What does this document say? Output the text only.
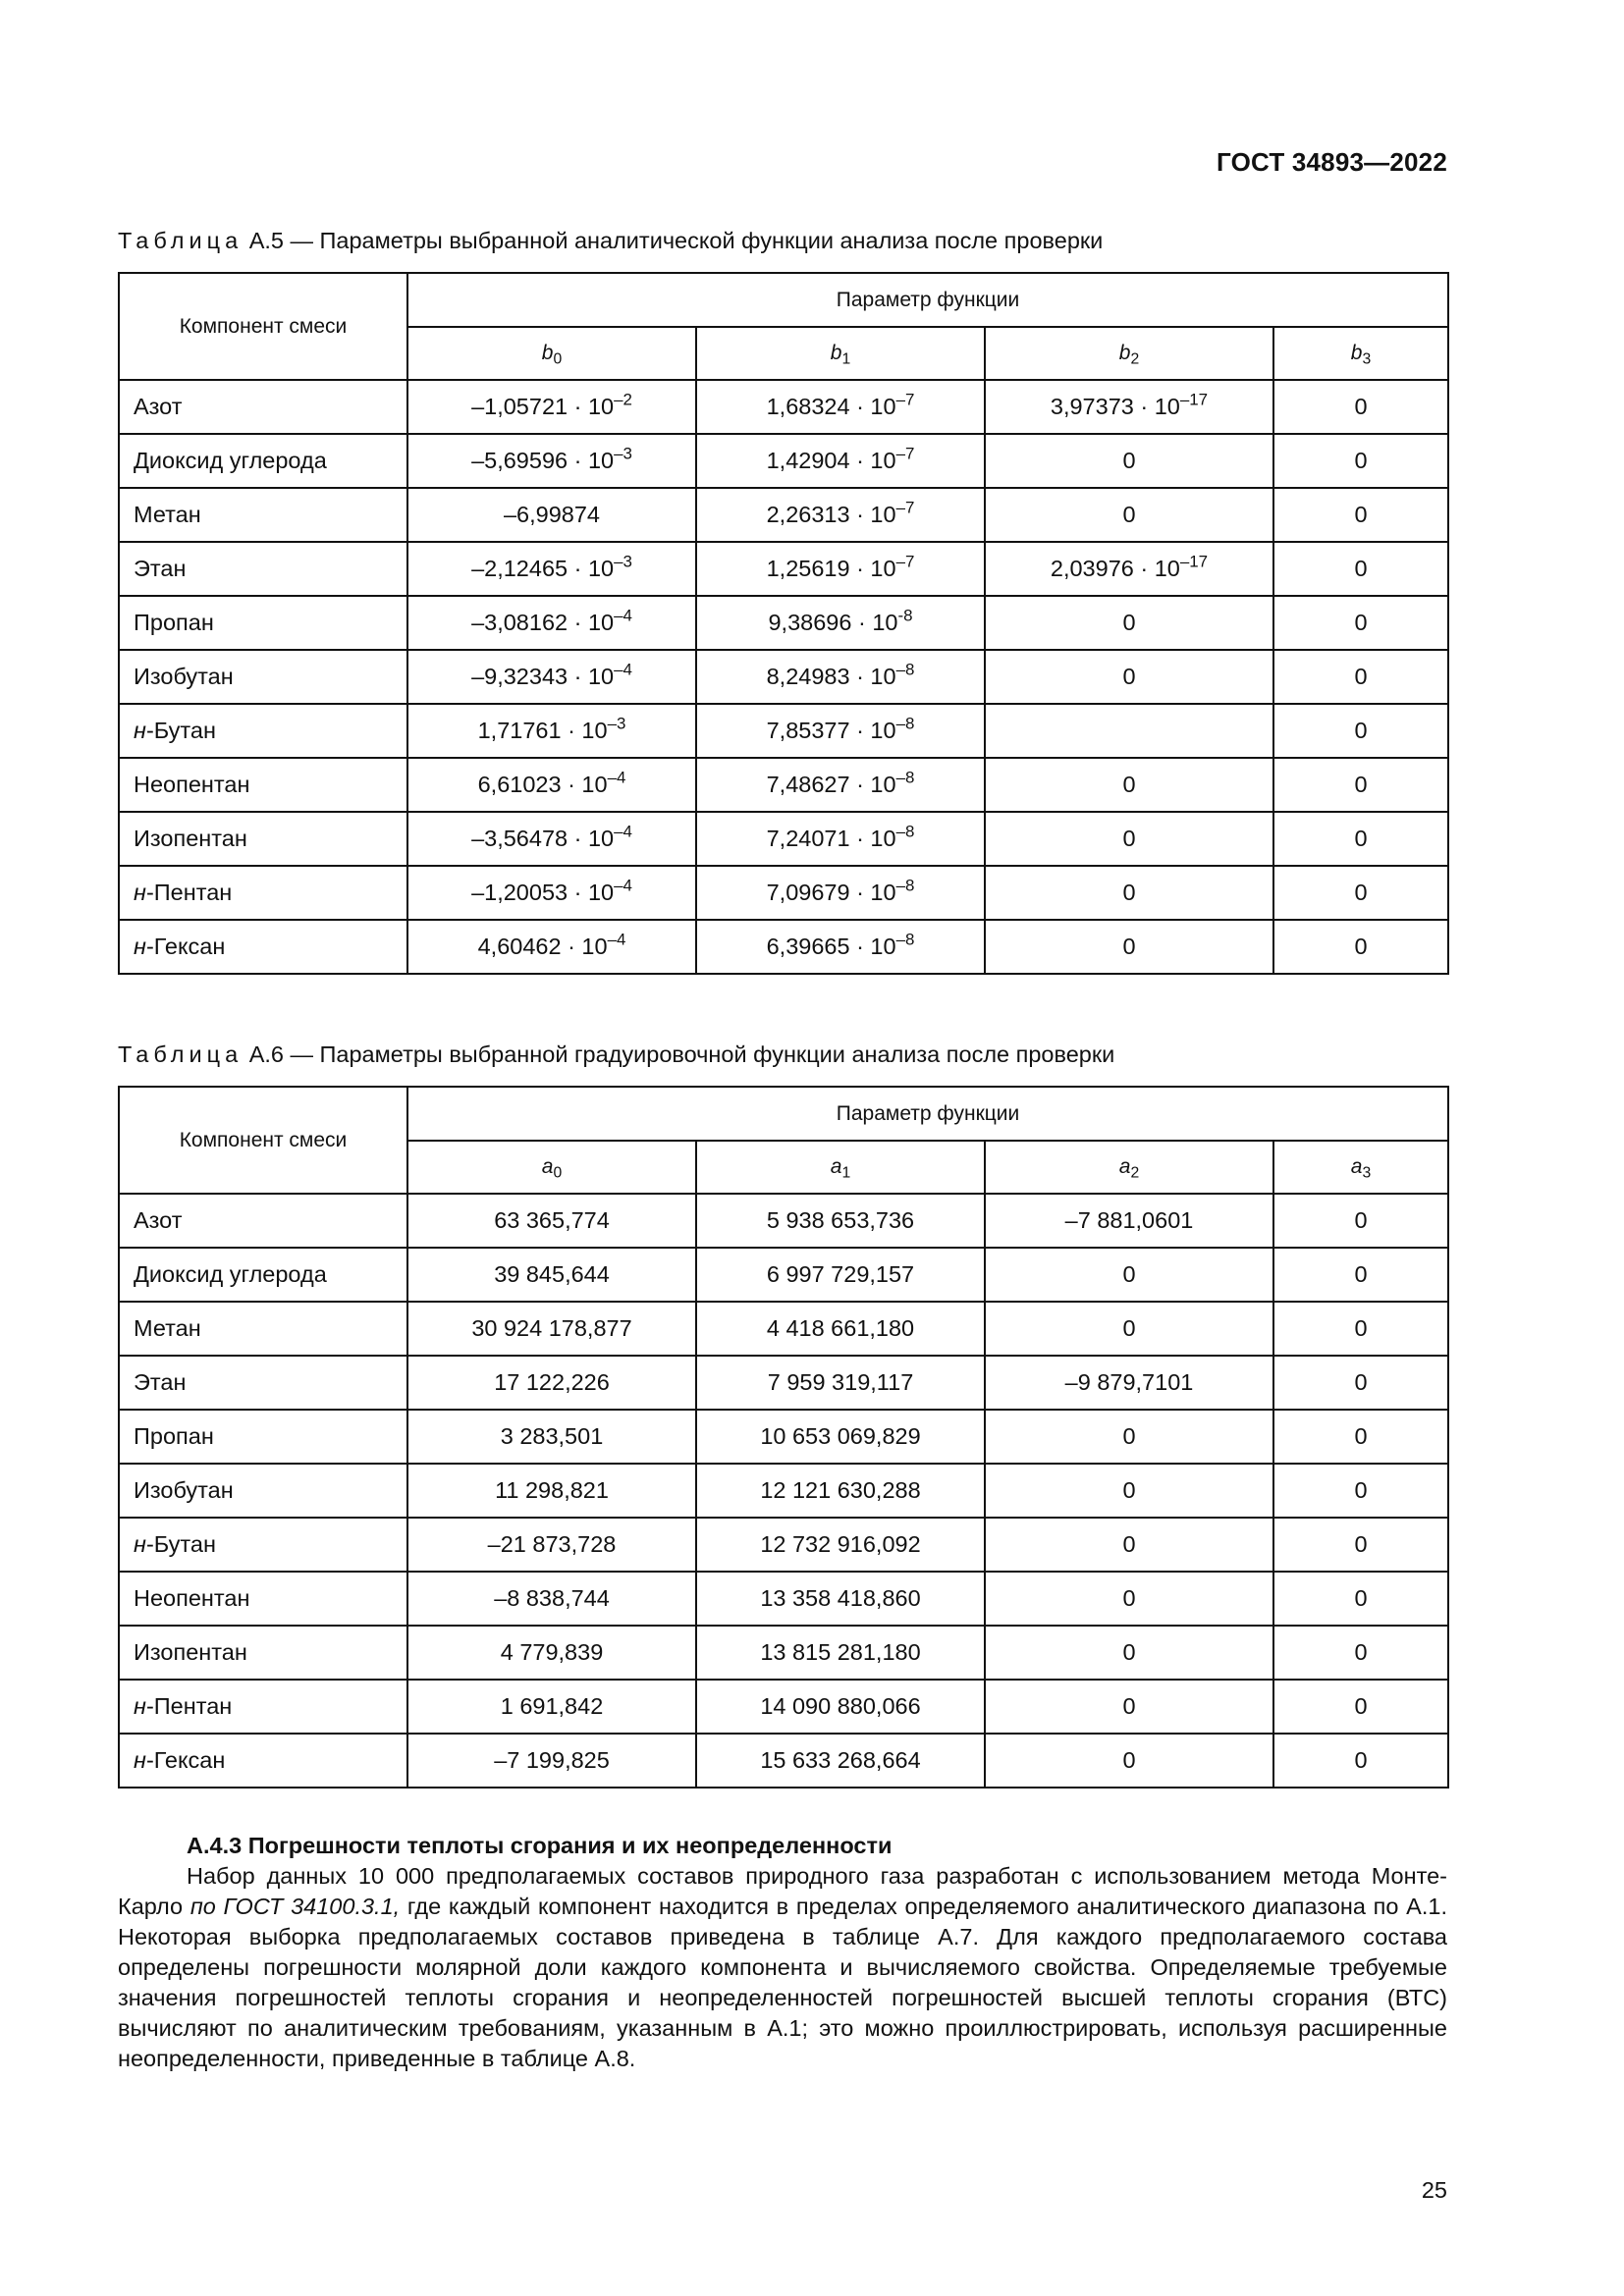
ГОСТ 34893—2022
Таблица А.5 — Параметры выбранной аналитической функции анализа после проверки
Компонент смеси	Параметр функции			
	$b_0$	$b_1$	$b_2$	$b_3$
Азот	$-1,05721 \cdot 10^{-2}$	$1,68324 \cdot 10^{-7}$	$3,97373 \cdot 10^{-17}$	0
Диоксид углерода	$-5,69596 \cdot 10^{-3}$	$1,42904 \cdot 10^{-7}$	0	0
Метан	–6,99874	$2,26313 \cdot 10^{-7}$	0	0
Этан	$-2,12465 \cdot 10^{-3}$	$1,25619 \cdot 10^{-7}$	$2,03976 \cdot 10^{-17}$	0
Пропан	$-3,08162 \cdot 10^{-4}$	$9,38696 \cdot 10^{-8}$	0	0
Изобутан	$-9,32343 \cdot 10^{-4}$	$8,24983 \cdot 10^{-8}$	0	0
н-Бутан	$1,71761 \cdot 10^{-3}$	$7,85377 \cdot 10^{-8}$		0
Неопентан	$6,61023 \cdot 10^{-4}$	$7,48627 \cdot 10^{-8}$	0	0
Изопентан	$-3,56478 \cdot 10^{-4}$	$7,24071 \cdot 10^{-8}$	0	0
н-Пентан	$-1,20053 \cdot 10^{-4}$	$7,09679 \cdot 10^{-8}$	0	0
н-Гексан	$4,60462 \cdot 10^{-4}$	$6,39665 \cdot 10^{-8}$	0	0
Таблица А.6 — Параметры выбранной градуировочной функции анализа после проверки
Компонент смеси	Параметр функции			
	$a_0$	$a_1$	$a_2$	$a_3$
Азот	63 365,774	5 938 653,736	–7 881,0601	0
Диоксид углерода	39 845,644	6 997 729,157	0	0
Метан	30 924 178,877	4 418 661,180	0	0
Этан	17 122,226	7 959 319,117	–9 879,7101	0
Пропан	3 283,501	10 653 069,829	0	0
Изобутан	11 298,821	12 121 630,288	0	0
н-Бутан	–21 873,728	12 732 916,092	0	0
Неопентан	–8 838,744	13 358 418,860	0	0
Изопентан	4 779,839	13 815 281,180	0	0
н-Пентан	1 691,842	14 090 880,066	0	0
н-Гексан	–7 199,825	15 633 268,664	0	0
А.4.3 Погрешности теплоты сгорания и их неопределенности
Набор данных 10 000 предполагаемых составов природного газа разработан с использованием метода Монте-Карло по ГОСТ 34100.3.1, где каждый компонент находится в пределах определяемого аналитического диапазона по А.1. Некоторая выборка предполагаемых составов приведена в таблице А.7. Для каждого предполагаемого состава определены погрешности молярной доли каждого компонента и вычисляемого свойства. Определяемые требуемые значения погрешностей теплоты сгорания и неопределенностей погрешностей высшей теплоты сгорания (ВТС) вычисляют по аналитическим требованиям, указанным в А.1; это можно проиллюстрировать, используя расширенные неопределенности, приведенные в таблице А.8.
25
